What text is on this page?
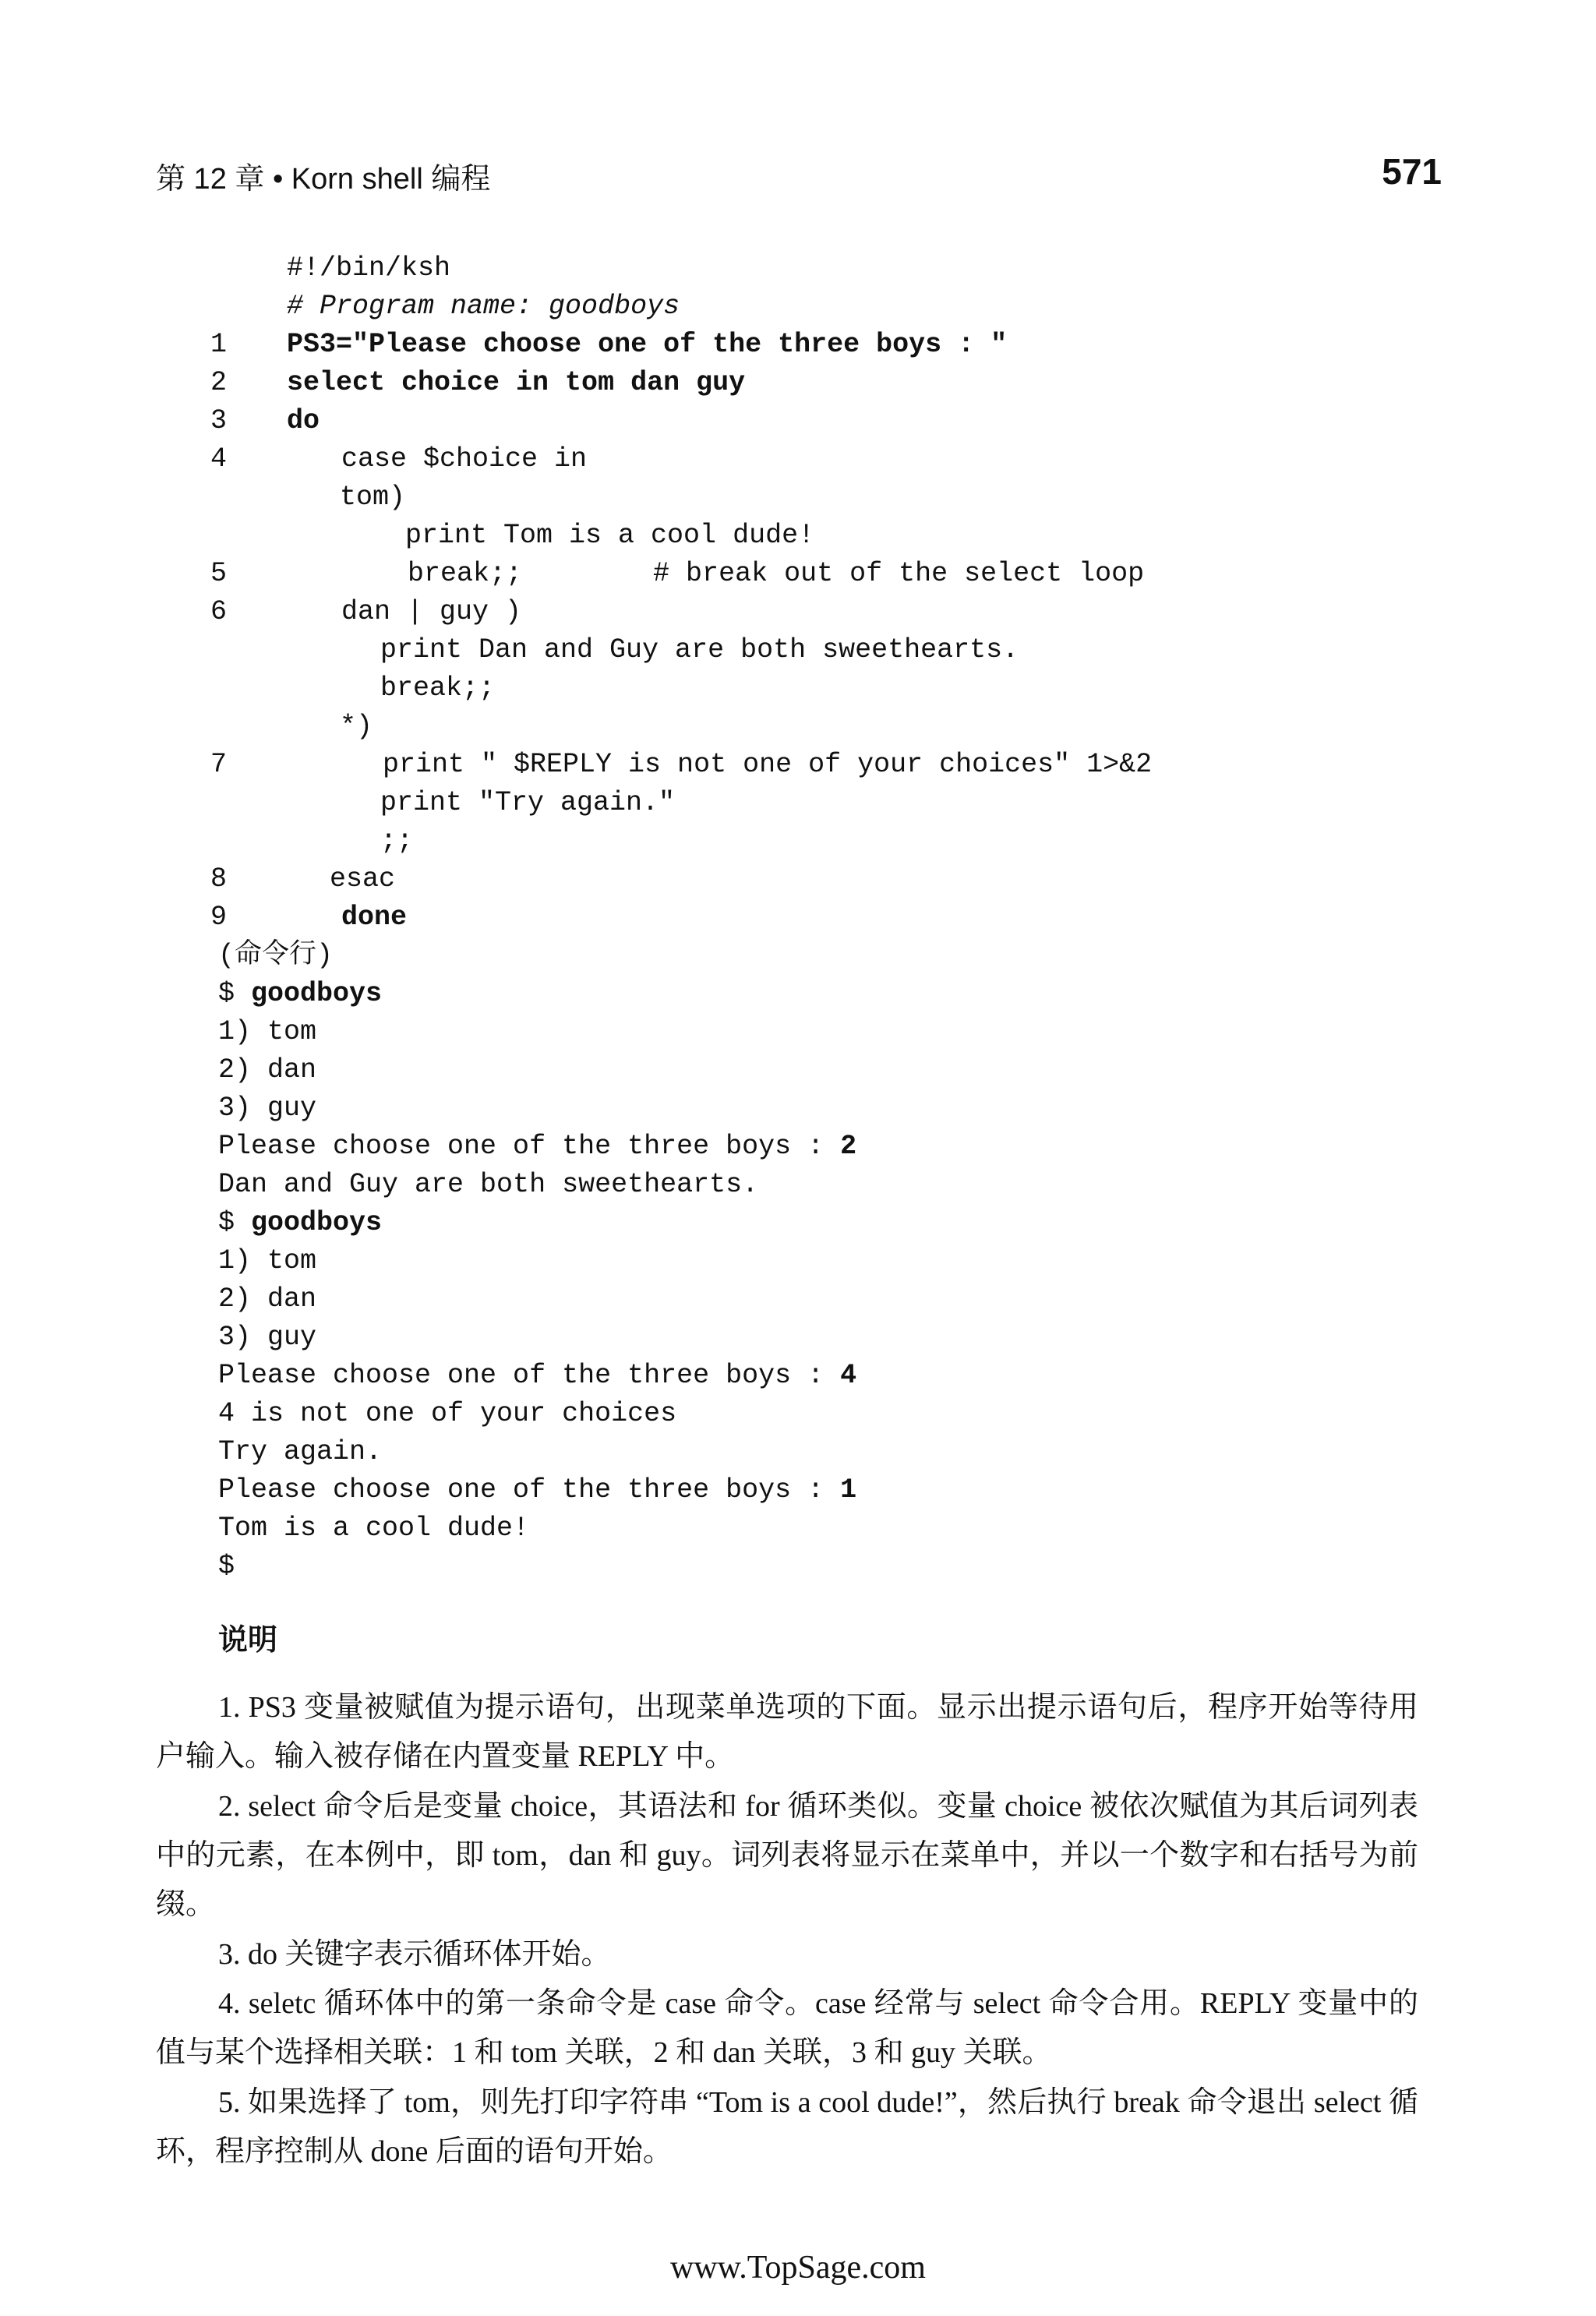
第 12 章 • Korn shell 编程	571
#!/bin/ksh
# Program name: goodboys
1	PS3="Please choose one of the three boys : "
2	select choice in tom dan guy
3	do
4	case $choice in
tom)
print Tom is a cool dude!
5	break;;        # break out of the select loop
6	dan | guy )
print Dan and Guy are both sweethearts.
break;;
*)
7	print " $REPLY is not one of your choices" 1>&2
print "Try again."
;;
8	esac
9	done
(命令行)
$ goodboys
1) tom
2) dan
3) guy
Please choose one of the three boys : 2
Dan and Guy are both sweethearts.
$ goodboys
1) tom
2) dan
3) guy
Please choose one of the three boys : 4
4 is not one of your choices
Try again.
Please choose one of the three boys : 1
Tom is a cool dude!
$
说明
1. PS3 变量被赋值为提示语句，出现菜单选项的下面。显示出提示语句后，程序开始等待用户输入。输入被存储在内置变量 REPLY 中。
2. select 命令后是变量 choice，其语法和 for 循环类似。变量 choice 被依次赋值为其后词列表中的元素，在本例中，即 tom，dan 和 guy。词列表将显示在菜单中，并以一个数字和右括号为前缀。
3. do 关键字表示循环体开始。
4. seletc 循环体中的第一条命令是 case 命令。case 经常与 select 命令合用。REPLY 变量中的值与某个选择相关联：1 和 tom 关联，2 和 dan 关联，3 和 guy 关联。
5. 如果选择了 tom，则先打印字符串 “Tom is a cool dude!”，然后执行 break 命令退出 select 循环，程序控制从 done 后面的语句开始。
www.TopSage.com
